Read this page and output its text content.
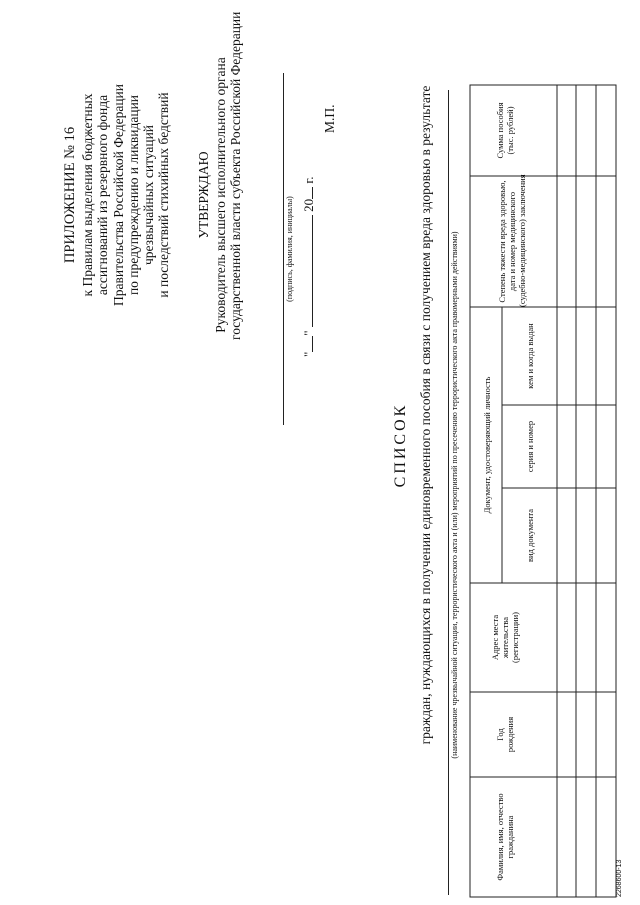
ПРИЛОЖЕНИЕ № 16 к Правилам выделения бюджетных ассигнований из резервного фонда Правительства Российской Федерации по предупреждению и ликвидации чрезвычайных ситуаций и последствий стихийных бедствий УТВЕРЖДАЮ Руководитель высшего исполнительного органа государственной власти субъекта Российской Федерации	(подпись, фамилия, инициалы)
""  20 г.
М.П.
СПИСОК граждан, нуждающихся в получении единовременного пособия в связи с получением вреда здоровью в результате (наименование чрезвычайной ситуации, террористического акта и (или) мероприятий по пресечению террористического акта правомерными действиями)
Фамилия, имя, отчество гражданина
Год рождения
Адрес места жительства (регистрации)
Документ, удостоверяющий личность
вид документа
серия и номер
кем и когда выдан
Степень тяжести вреда здоровью, дата и номер медицинского (судебно-медицинского) заключения
Сумма пособия (тыс. рублей)
2268600-13
